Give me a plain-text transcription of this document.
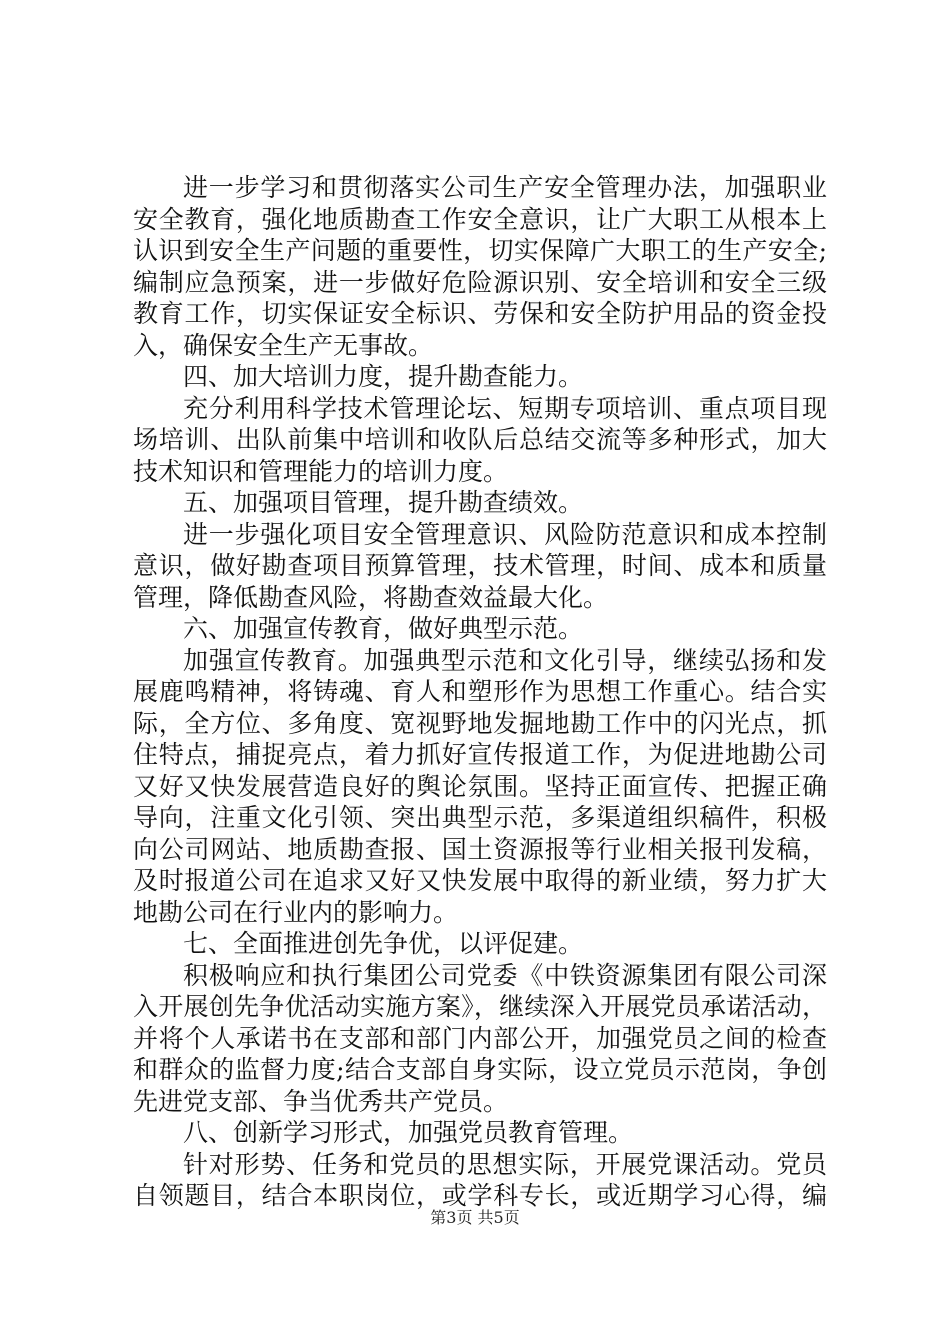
进一步学习和贯彻落实公司生产安全管理办法，加强职业
安全教育，强化地质勘查工作安全意识，让广大职工从根本上
认识到安全生产问题的重要性，切实保障广大职工的生产安全;
编制应急预案，进一步做好危险源识别、安全培训和安全三级
教育工作，切实保证安全标识、劳保和安全防护用品的资金投
入，确保安全生产无事故。
四、加大培训力度，提升勘查能力。
充分利用科学技术管理论坛、短期专项培训、重点项目现
场培训、出队前集中培训和收队后总结交流等多种形式，加大
技术知识和管理能力的培训力度。
五、加强项目管理，提升勘查绩效。
进一步强化项目安全管理意识、风险防范意识和成本控制
意识，做好勘查项目预算管理，技术管理，时间、成本和质量
管理，降低勘查风险，将勘查效益最大化。
六、加强宣传教育，做好典型示范。
加强宣传教育。加强典型示范和文化引导，继续弘扬和发
展鹿鸣精神，将铸魂、育人和塑形作为思想工作重心。结合实
际，全方位、多角度、宽视野地发掘地勘工作中的闪光点，抓
住特点，捕捉亮点，着力抓好宣传报道工作，为促进地勘公司
又好又快发展营造良好的舆论氛围。坚持正面宣传、把握正确
导向，注重文化引领、突出典型示范，多渠道组织稿件，积极
向公司网站、地质勘查报、国土资源报等行业相关报刊发稿，
及时报道公司在追求又好又快发展中取得的新业绩，努力扩大
地勘公司在行业内的影响力。
七、全面推进创先争优，以评促建。
积极响应和执行集团公司党委《中铁资源集团有限公司深
入开展创先争优活动实施方案》，继续深入开展党员承诺活动，
并将个人承诺书在支部和部门内部公开，加强党员之间的检查
和群众的监督力度;结合支部自身实际，设立党员示范岗，争创
先进党支部、争当优秀共产党员。
八、创新学习形式，加强党员教育管理。
针对形势、任务和党员的思想实际，开展党课活动。党员
自领题目，结合本职岗位，或学科专长，或近期学习心得，编
第3页 共5页
